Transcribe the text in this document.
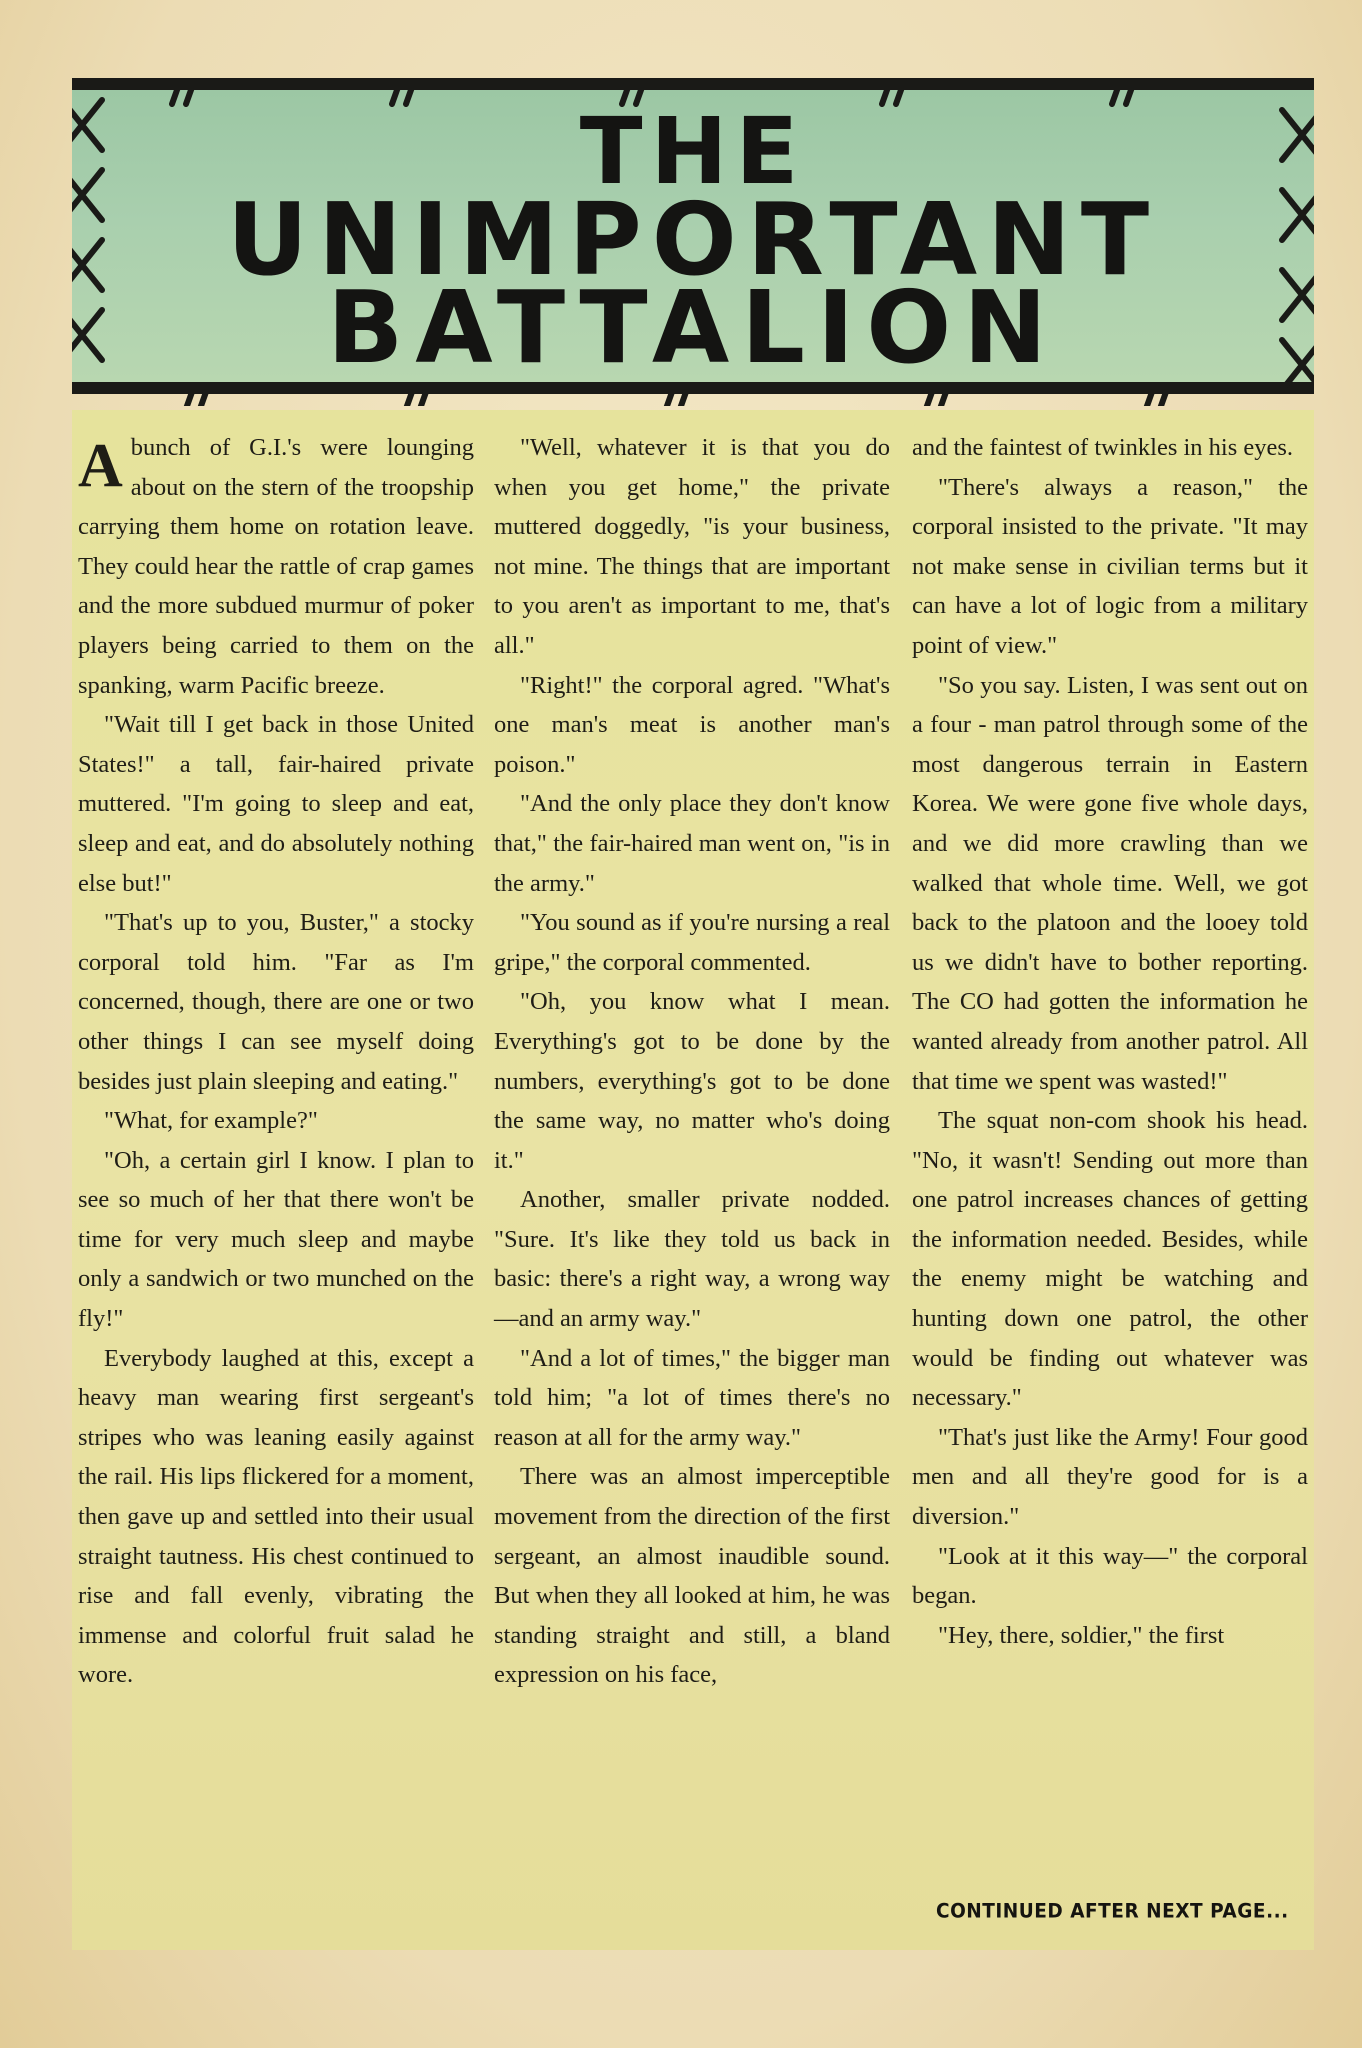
THE
UNIMPORTANT
BATTALION

Abunch of G.I.'s were lounging about on the stern of the troopship carrying them home on rotation leave. They could hear the rattle of crap games and the more subdued murmur of poker players being carried to them on the spanking, warm Pacific breeze.

"Wait till I get back in those United States!" a tall, fair-haired private muttered. "I'm going to sleep and eat, sleep and eat, and do absolutely nothing else but!"

"That's up to you, Buster," a stocky corporal told him. "Far as I'm concerned, though, there are one or two other things I can see myself doing besides just plain sleeping and eating."

"What, for example?"

"Oh, a certain girl I know. I plan to see so much of her that there won't be time for very much sleep and maybe only a sandwich or two munched on the fly!"

Everybody laughed at this, except a heavy man wearing first sergeant's stripes who was leaning easily against the rail. His lips flickered for a moment, then gave up and settled into their usual straight tautness. His chest continued to rise and fall evenly, vibrating the immense and colorful fruit salad he wore.

"Well, whatever it is that you do when you get home," the private muttered doggedly, "is your business, not mine. The things that are important to you aren't as important to me, that's all."

"Right!" the corporal agred. "What's one man's meat is another man's poison."

"And the only place they don't know that," the fair-haired man went on, "is in the army."

"You sound as if you're nursing a real gripe," the corporal commented.

"Oh, you know what I mean. Everything's got to be done by the numbers, everything's got to be done the same way, no matter who's doing it."

Another, smaller private nodded. "Sure. It's like they told us back in basic: there's a right way, a wrong way—and an army way."

"And a lot of times," the bigger man told him; "a lot of times there's no reason at all for the army way."

There was an almost imperceptible movement from the direction of the first sergeant, an almost inaudible sound. But when they all looked at him, he was standing straight and still, a bland expression on his face,

and the faintest of twinkles in his eyes.

"There's always a reason," the corporal insisted to the private. "It may not make sense in civilian terms but it can have a lot of logic from a military point of view."

"So you say. Listen, I was sent out on a four - man patrol through some of the most dangerous terrain in Eastern Korea. We were gone five whole days, and we did more crawling than we walked that whole time. Well, we got back to the platoon and the looey told us we didn't have to bother reporting. The CO had gotten the information he wanted already from another patrol. All that time we spent was wasted!"

The squat non-com shook his head. "No, it wasn't! Sending out more than one patrol increases chances of getting the information needed. Besides, while the enemy might be watching and hunting down one patrol, the other would be finding out whatever was necessary."

"That's just like the Army! Four good men and all they're good for is a diversion."

"Look at it this way—" the corporal began.

"Hey, there, soldier," the first

CONTINUED AFTER NEXT PAGE...
